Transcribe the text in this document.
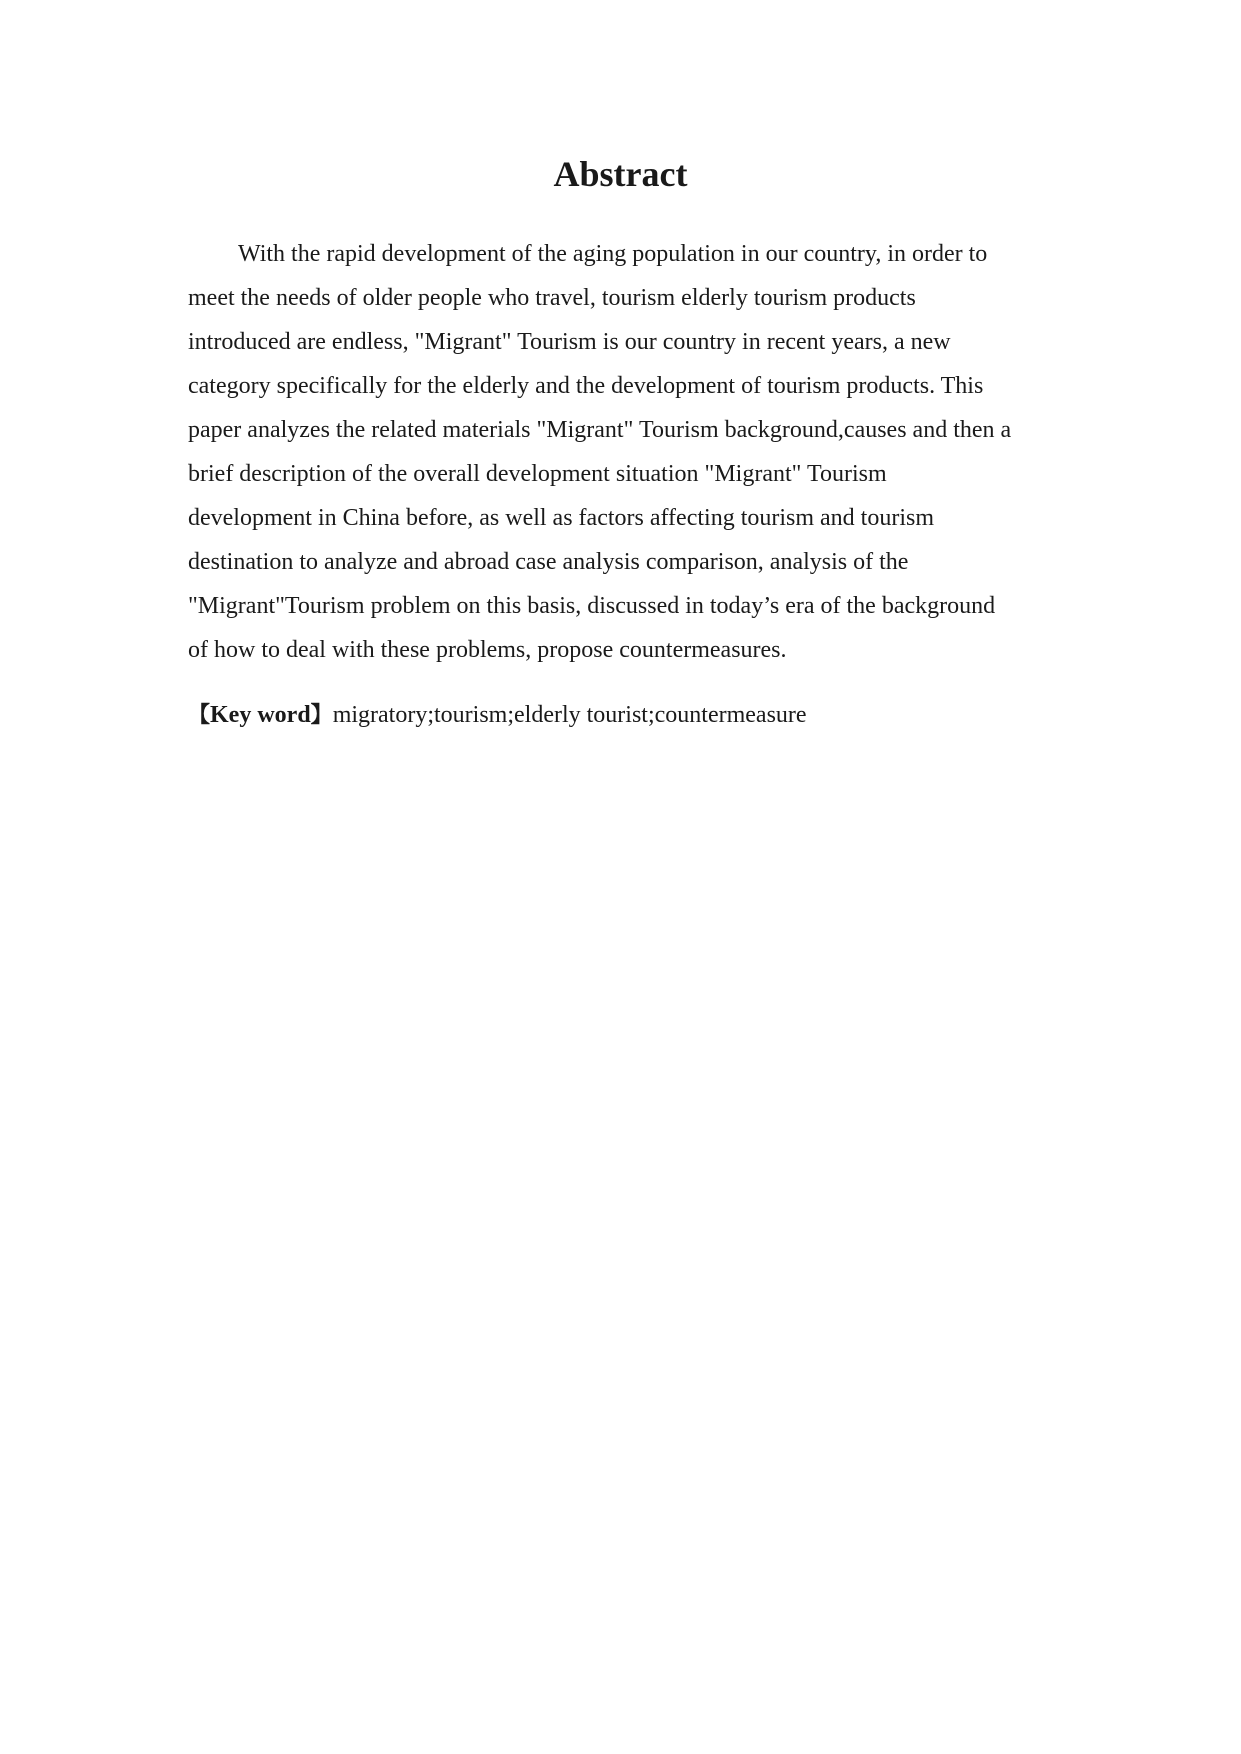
Abstract
With the rapid development of the aging population in our country, in order to
meet the needs of older people who travel, tourism elderly tourism products
introduced are endless, "Migrant" Tourism is our country in recent years, a new
category specifically for the elderly and the development of tourism products. This
paper analyzes the related materials "Migrant" Tourism background,causes and then a
brief description of the overall development situation "Migrant" Tourism
development in China before, as well as factors affecting tourism and tourism
destination to analyze and abroad case analysis comparison, analysis of the
"Migrant"Tourism problem on this basis, discussed in today’s era of the background
of how to deal with these problems, propose countermeasures.

【Key word】migratory;tourism;elderly tourist;countermeasure
